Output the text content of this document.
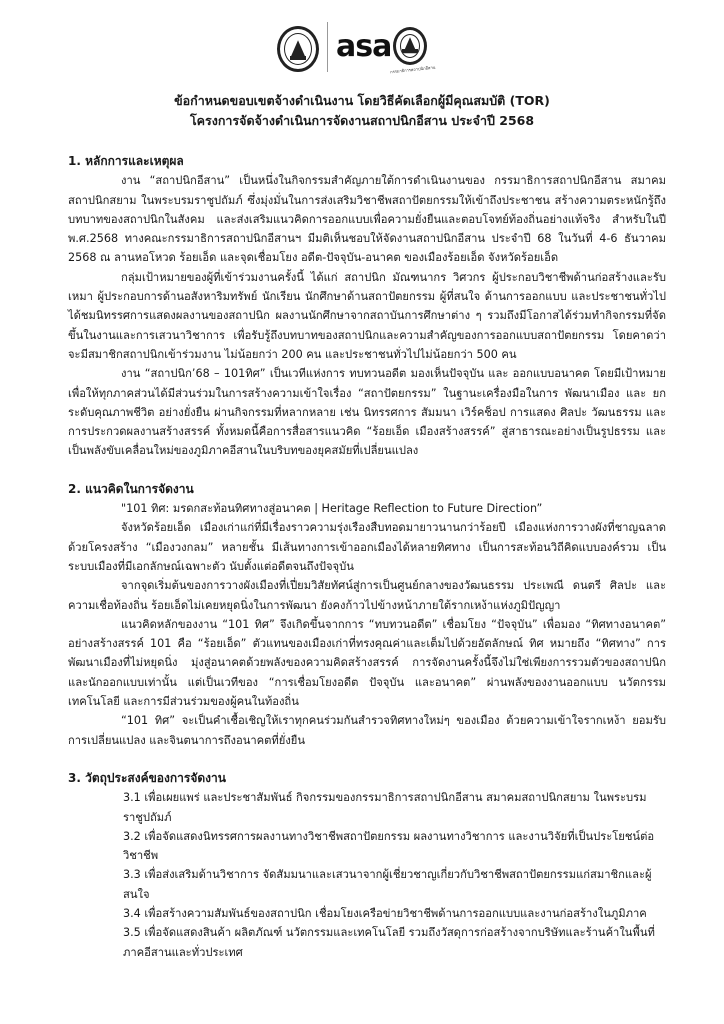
asa
กรรมาธิการสถาปนิกอีสาน
ข้อกำหนดขอบเขตจ้างดำเนินงาน โดยวิธีคัดเลือกผู้มีคุณสมบัติ (TOR)
โครงการจัดจ้างดำเนินการจัดงานสถาปนิกอีสาน ประจำปี 2568

1. หลักการและเหตุผล

งาน “สถาปนิกอีสาน” เป็นหนึ่งในกิจกรรมสำคัญภายใต้การดำเนินงานของ กรรมาธิการสถาปนิกอีสาน สมาคมสถาปนิกสยาม ในพระบรมราชูปถัมภ์ ซึ่งมุ่งมั่นในการส่งเสริมวิชาชีพสถาปัตยกรรมให้เข้าถึงประชาชน สร้างความตระหนักรู้ถึงบทบาทของสถาปนิกในสังคม และส่งเสริมแนวคิดการออกแบบเพื่อความยั่งยืนและตอบโจทย์ท้องถิ่นอย่างแท้จริง สำหรับในปี พ.ศ.2568 ทางคณะกรรมาธิการสถาปนิกอีสานฯ มีมติเห็นชอบให้จัดงานสถาปนิกอีสาน ประจำปี 68 ในวันที่ 4-6 ธันวาคม 2568 ณ ลานหอโหวด ร้อยเอ็ด และจุดเชื่อมโยง อดีต-ปัจจุบัน-อนาคต ของเมืองร้อยเอ็ด จังหวัดร้อยเอ็ด

กลุ่มเป้าหมายของผู้ที่เข้าร่วมงานครั้งนี้ ได้แก่ สถาปนิก มัณฑนากร วิศวกร ผู้ประกอบวิชาชีพด้านก่อสร้างและรับเหมา ผู้ประกอบการด้านอสังหาริมทรัพย์ นักเรียน นักศึกษาด้านสถาปัตยกรรม ผู้ที่สนใจ ด้านการออกแบบ และประชาชนทั่วไป ได้ชมนิทรรศการแสดงผลงานของสถาปนิก ผลงานนักศึกษาจากสถาบันการศึกษาต่าง ๆ รวมถึงมีโอกาสได้ร่วมทำกิจกรรมที่จัดขึ้นในงานและการเสวนาวิชาการ เพื่อรับรู้ถึงบทบาทของสถาปนิกและความสำคัญของการออกแบบสถาปัตยกรรม โดยคาดว่าจะมีสมาชิกสถาปนิกเข้าร่วมงาน ไม่น้อยกว่า 200 คน และประชาชนทั่วไปไม่น้อยกว่า 500 คน

งาน “สถาปนิก’68 – 101ทิศ” เป็นเวทีแห่งการ ทบทวนอดีต มองเห็นปัจจุบัน และ ออกแบบอนาคต โดยมีเป้าหมายเพื่อให้ทุกภาคส่วนได้มีส่วนร่วมในการสร้างความเข้าใจเรื่อง “สถาปัตยกรรม” ในฐานะเครื่องมือในการ พัฒนาเมือง และ ยกระดับคุณภาพชีวิต อย่างยั่งยืน ผ่านกิจกรรมที่หลากหลาย เช่น นิทรรศการ สัมมนา เวิร์คช็อป การแสดง ศิลปะ วัฒนธรรม และการประกวดผลงานสร้างสรรค์ ทั้งหมดนี้คือการสื่อสารแนวคิด “ร้อยเอ็ด เมืองสร้างสรรค์” สู่สาธารณะอย่างเป็นรูปธรรม และเป็นพลังขับเคลื่อนใหม่ของภูมิภาคอีสานในบริบทของยุคสมัยที่เปลี่ยนแปลง

2. แนวคิดในการจัดงาน

"101 ทิศ: มรดกสะท้อนทิศทางสู่อนาคต | Heritage Reflection to Future Direction”

จังหวัดร้อยเอ็ด เมืองเก่าแก่ที่มีเรื่องราวความรุ่งเรืองสืบทอดมายาวนานกว่าร้อยปี เมืองแห่งการวางผังที่ชาญฉลาด ด้วยโครงสร้าง “เมืองวงกลม” หลายชั้น มีเส้นทางการเข้าออกเมืองได้หลายทิศทาง เป็นการสะท้อนวิถีคิดแบบองค์รวม เป็นระบบเมืองที่มีเอกลักษณ์เฉพาะตัว นับตั้งแต่อดีตจนถึงปัจจุบัน

จากจุดเริ่มต้นของการวางผังเมืองที่เปี่ยมวิสัยทัศน์สู่การเป็นศูนย์กลางของวัฒนธรรม ประเพณี ดนตรี ศิลปะ และความเชื่อท้องถิ่น ร้อยเอ็ดไม่เคยหยุดนิ่งในการพัฒนา ยังคงก้าวไปข้างหน้าภายใต้รากเหง้าแห่งภูมิปัญญา

แนวคิดหลักของงาน “101 ทิศ” จึงเกิดขึ้นจากการ “ทบทวนอดีต” เชื่อมโยง “ปัจจุบัน” เพื่อมอง “ทิศทางอนาคต” อย่างสร้างสรรค์ 101 คือ “ร้อยเอ็ด” ตัวแทนของเมืองเก่าที่ทรงคุณค่าและเต็มไปด้วยอัตลักษณ์ ทิศ หมายถึง “ทิศทาง” การพัฒนาเมืองที่ไม่หยุดนิ่ง มุ่งสู่อนาคตด้วยพลังของความคิดสร้างสรรค์ การจัดงานครั้งนี้จึงไม่ใช่เพียงการรวมตัวของสถาปนิกและนักออกแบบเท่านั้น แต่เป็นเวทีของ “การเชื่อมโยงอดีต ปัจจุบัน และอนาคต” ผ่านพลังของงานออกแบบ นวัตกรรม เทคโนโลยี และการมีส่วนร่วมของผู้คนในท้องถิ่น

“101 ทิศ” จะเป็นคำเชื้อเชิญให้เราทุกคนร่วมกันสำรวจทิศทางใหม่ๆ ของเมือง ด้วยความเข้าใจรากเหง้า ยอมรับการเปลี่ยนแปลง และจินตนาการถึงอนาคตที่ยั่งยืน

3. วัตถุประสงค์ของการจัดงาน

3.1 เพื่อเผยแพร่ และประชาสัมพันธ์ กิจกรรมของกรรมาธิการสถาปนิกอีสาน สมาคมสถาปนิกสยาม ในพระบรมราชูปถัมภ์

3.2 เพื่อจัดแสดงนิทรรศการผลงานทางวิชาชีพสถาปัตยกรรม ผลงานทางวิชาการ และงานวิจัยที่เป็นประโยชน์ต่อวิชาชีพ

3.3 เพื่อส่งเสริมด้านวิชาการ จัดสัมมนาและเสวนาจากผู้เชี่ยวชาญเกี่ยวกับวิชาชีพสถาปัตยกรรมแก่สมาชิกและผู้สนใจ

3.4 เพื่อสร้างความสัมพันธ์ของสถาปนิก เชื่อมโยงเครือข่ายวิชาชีพด้านการออกแบบและงานก่อสร้างในภูมิภาค

3.5 เพื่อจัดแสดงสินค้า ผลิตภัณฑ์ นวัตกรรมและเทคโนโลยี รวมถึงวัสดุการก่อสร้างจากบริษัทและร้านค้าในพื้นที่ภาคอีสานและทั่วประเทศ
